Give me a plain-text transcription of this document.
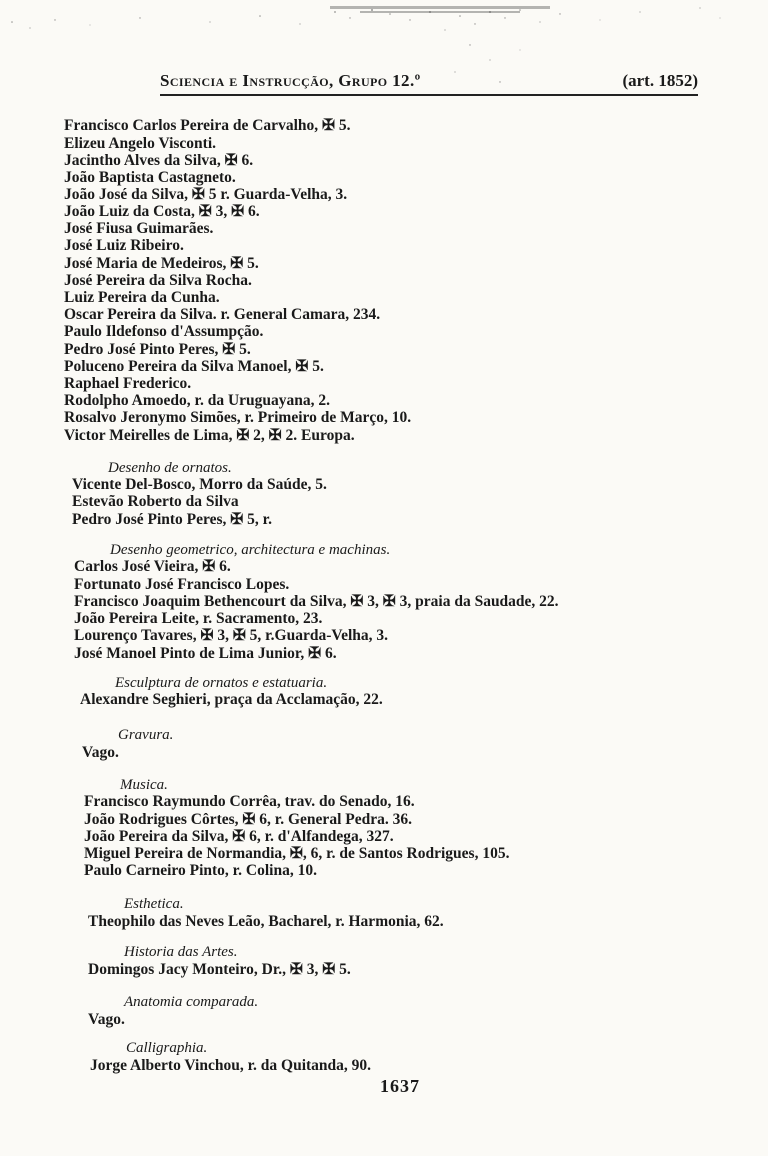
Sciencia e Instrucção, Grupo 12.º	(art. 1852)
Francisco Carlos Pereira de Carvalho, ✠ 5.
Elizeu Angelo Visconti.
Jacintho Alves da Silva, ✠ 6.
João Baptista Castagneto.
João José da Silva, ✠ 5 r. Guarda-Velha, 3.
João Luiz da Costa, ✠ 3, ✠ 6.
José Fiusa Guimarães.
José Luiz Ribeiro.
José Maria de Medeiros, ✠ 5.
José Pereira da Silva Rocha.
Luiz Pereira da Cunha.
Oscar Pereira da Silva. r. General Camara, 234.
Paulo Ildefonso d'Assumpção.
Pedro José Pinto Peres, ✠ 5.
Poluceno Pereira da Silva Manoel, ✠ 5.
Raphael Frederico.
Rodolpho Amoedo, r. da Uruguayana, 2.
Rosalvo Jeronymo Simões, r. Primeiro de Março, 10.
Victor Meirelles de Lima, ✠ 2, ✠ 2. Europa.
Desenho de ornatos.
Vicente Del-Bosco, Morro da Saúde, 5.
Estevão Roberto da Silva
Pedro José Pinto Peres, ✠ 5, r.
Desenho geometrico, architectura e machinas.
Carlos José Vieira, ✠ 6.
Fortunato José Francisco Lopes.
Francisco Joaquim Bethencourt da Silva, ✠ 3, ✠ 3, praia da Saudade, 22.
João Pereira Leite, r. Sacramento, 23.
Lourenço Tavares, ✠ 3, ✠ 5, r.Guarda-Velha, 3.
José Manoel Pinto de Lima Junior, ✠ 6.
Esculptura de ornatos e estatuaria.
Alexandre Seghieri, praça da Acclamação, 22.
Gravura.
Vago.
Musica.
Francisco Raymundo Corrêa, trav. do Senado, 16.
João Rodrigues Côrtes, ✠ 6, r. General Pedra. 36.
João Pereira da Silva, ✠ 6, r. d'Alfandega, 327.
Miguel Pereira de Normandia, ✠, 6, r. de Santos Rodrigues, 105.
Paulo Carneiro Pinto, r. Colina, 10.
Esthetica.
Theophilo das Neves Leão, Bacharel, r. Harmonia, 62.
Historia das Artes.
Domingos Jacy Monteiro, Dr., ✠ 3, ✠ 5.
Anatomia comparada.
Vago.
Calligraphia.
Jorge Alberto Vinchou, r. da Quitanda, 90.
1637
